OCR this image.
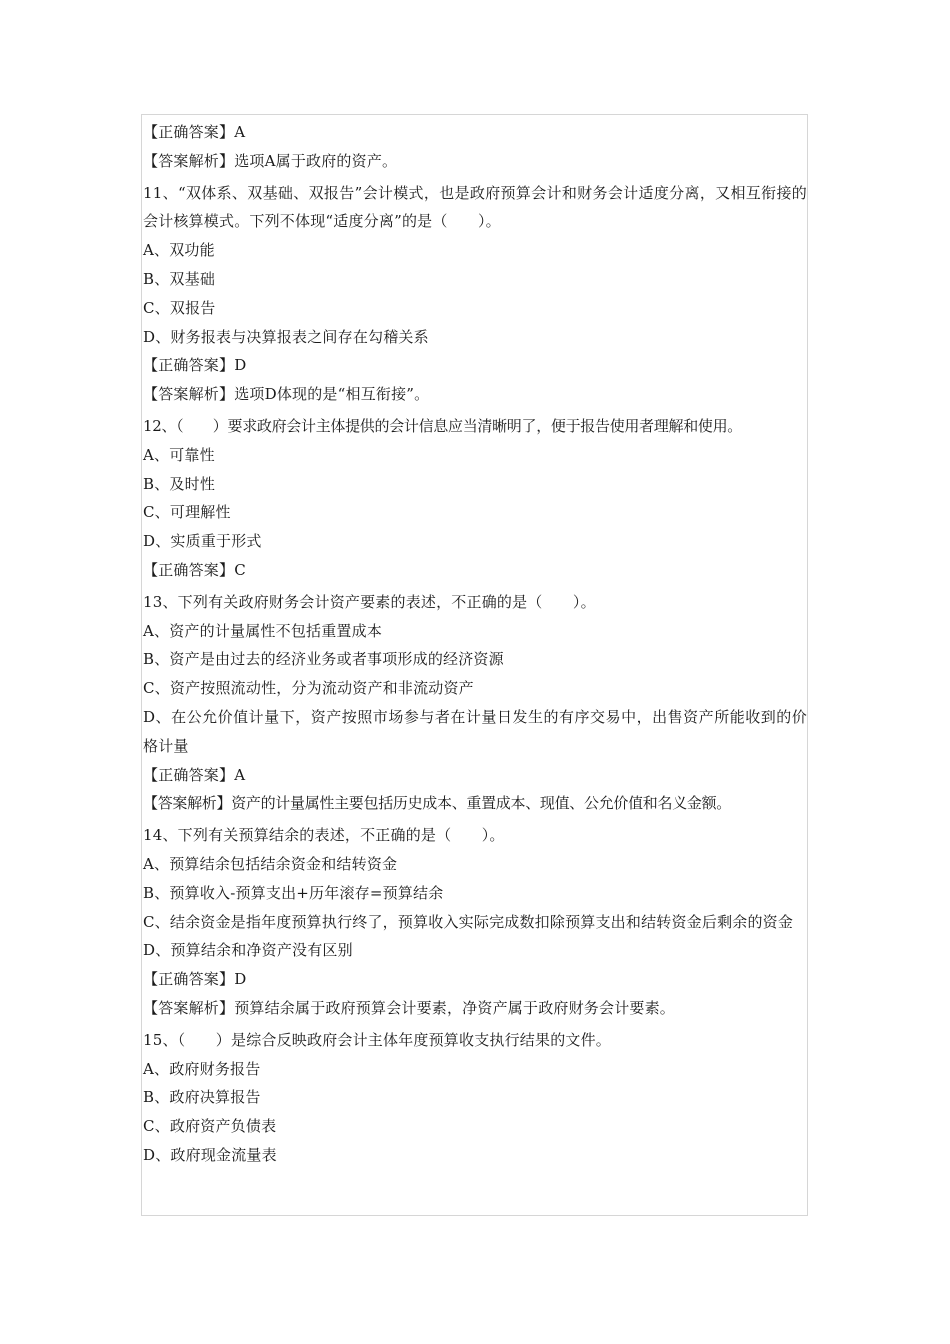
【正确答案】A
【答案解析】选项A属于政府的资产。
11、“双体系、双基础、双报告”会计模式，也是政府预算会计和财务会计适度分离，又相互衔接的会计核算模式。下列不体现“适度分离”的是（　　）。
A、双功能
B、双基础
C、双报告
D、财务报表与决算报表之间存在勾稽关系
【正确答案】D
【答案解析】选项D体现的是“相互衔接”。
12、（　　）要求政府会计主体提供的会计信息应当清晰明了，便于报告使用者理解和使用。
A、可靠性
B、及时性
C、可理解性
D、实质重于形式
【正确答案】C
13、下列有关政府财务会计资产要素的表述，不正确的是（　　）。
A、资产的计量属性不包括重置成本
B、资产是由过去的经济业务或者事项形成的经济资源
C、资产按照流动性，分为流动资产和非流动资产
D、在公允价值计量下，资产按照市场参与者在计量日发生的有序交易中，出售资产所能收到的价格计量
【正确答案】A
【答案解析】资产的计量属性主要包括历史成本、重置成本、现值、公允价值和名义金额。
14、下列有关预算结余的表述，不正确的是（　　）。
A、预算结余包括结余资金和结转资金
B、预算收入-预算支出+历年滚存=预算结余
C、结余资金是指年度预算执行终了，预算收入实际完成数扣除预算支出和结转资金后剩余的资金
D、预算结余和净资产没有区别
【正确答案】D
【答案解析】预算结余属于政府预算会计要素，净资产属于政府财务会计要素。
15、（　　）是综合反映政府会计主体年度预算收支执行结果的文件。
A、政府财务报告
B、政府决算报告
C、政府资产负债表
D、政府现金流量表
